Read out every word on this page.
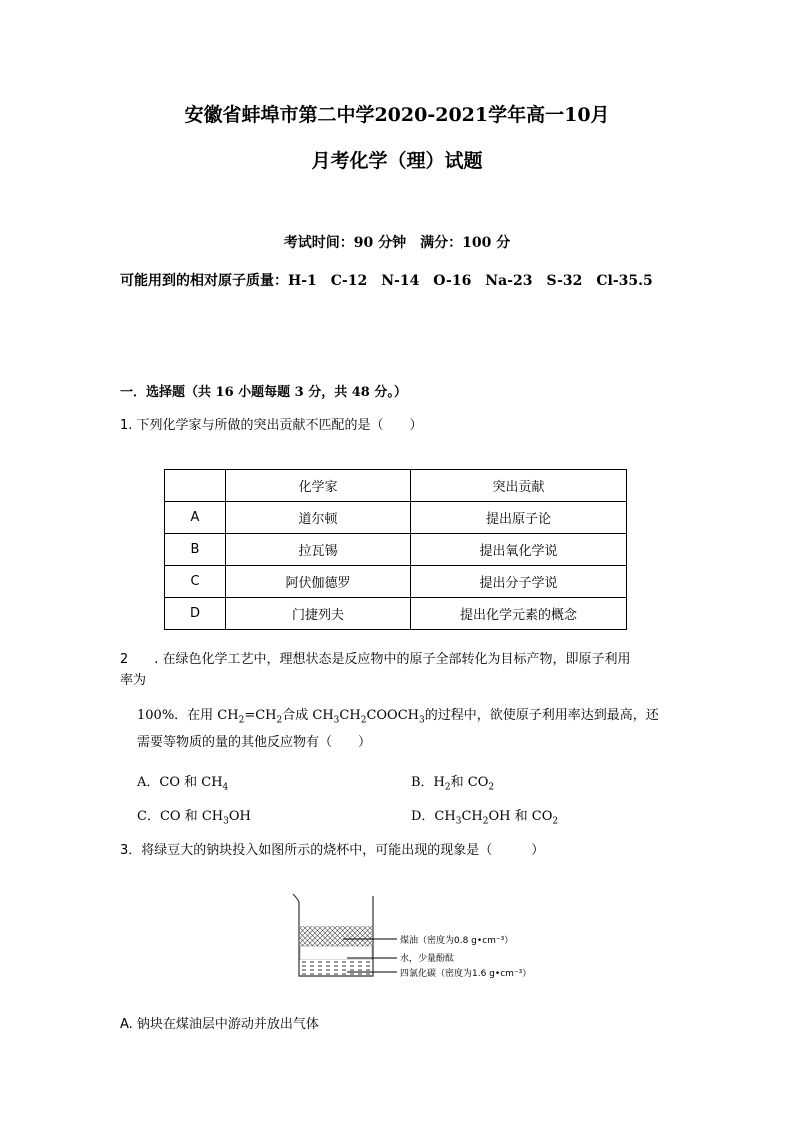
安徽省蚌埠市第二中学2020-2021学年高一10月
月考化学（理）试题
考试时间：90 分钟　满分：100 分
可能用到的相对原子质量：H-1　C-12　N-14　O-16　Na-23　S-32　Cl-35.5
一．选择题（共 16 小题每题 3 分，共 48 分。）
1. 下列化学家与所做的突出贡献不匹配的是（　　）
	化学家	突出贡献
A	道尔顿	提出原子论
B	拉瓦锡	提出氧化学说
C	阿伏伽德罗	提出分子学说
D	门捷列夫	提出化学元素的概念
2　　. 在绿色化学工艺中，理想状态是反应物中的原子全部转化为目标产物，即原子利用
率为
100%．在用 $CH_2=CH_2$合成 $CH_3CH_2COOCH_3$的过程中，欲使原子利用率达到最高，还
需要等物质的量的其他反应物有（　　）
A．CO 和 $CH_4$	B．$H_2$和 $CO_2$
C．CO 和 $CH_3OH$	D．$CH_3CH_2OH$ 和 $CO_2$
3．将绿豆大的钠块投入如图所示的烧杯中，可能出现的现象是（　　　）
煤油（密度为0.8 g•cm⁻³）
水，少量酚酞
四氯化碳（密度为1.6 g•cm⁻³）
A. 钠块在煤油层中游动并放出气体
